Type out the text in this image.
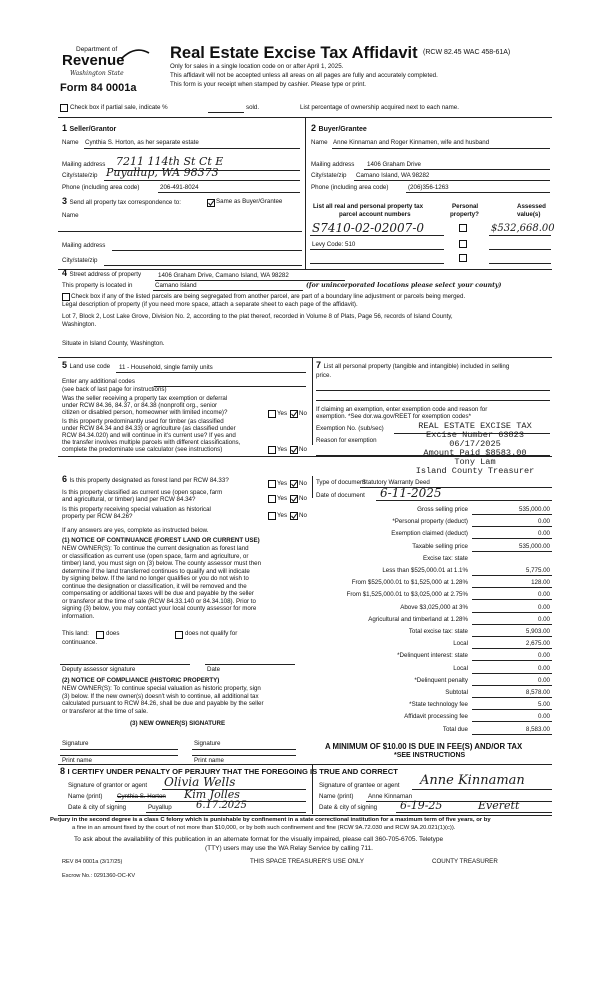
Department of
Revenue
Washington State
Form 84 0001a
Real Estate Excise Tax Affidavit (RCW 82.45 WAC 458-61A)
Only for sales in a single location code on or after April 1, 2025.
This affidavit will not be accepted unless all areas on all pages are fully and accurately completed.
This form is your receipt when stamped by cashier. Please type or print.
Check box if partial sale, indicate %	sold.	List percentage of ownership acquired next to each name.
1 Seller/Grantor
Name Cynthia S. Horton, as her separate estate
Mailing address 7211 114th St Ct E
City/state/zip Puyallup, WA 98373
Phone (including area code)	206-491-8024
2 Buyer/Grantee
Name Anne Kinnaman and Roger Kinnamen, wife and husband
Mailing address 1406 Graham Drive
City/state/zip Camano Island, WA 98282
Phone (including area code)	(206)356-1263
3 Send all property tax correspondence to:	Same as Buyer/Grantee
Name
Mailing address
City/state/zip
List all real and personal property tax
parcel account numbers
Personal
property?
Assessed
value(s)
S7410-02-02007-0	$532,668.00
Levy Code: 510
4 Street address of property	1406 Graham Drive, Camano Island, WA 98282
This property is located in	Camano Island	(for unincorporated locations please select your county)
Check box if any of the listed parcels are being segregated from another parcel, are part of a boundary line adjustment or parcels being merged.
Legal description of property (if you need more space, attach a separate sheet to each page of the affidavit).
Lot 7, Block 2, Lost Lake Grove, Division No. 2, according to the plat thereof, recorded in Volume 8 of Plats, Page 56, records of Island County,
Washington.
Situate in Island County, Washington.
5 Land use code 11 - Household, single family units
Enter any additional codes
(see back of last page for instructions)
Was the seller receiving a property tax exemption or deferral
under RCW 84.36, 84.37, or 84.38 (nonprofit org., senior
citizen or disabled person, homeowner with limited income)?	Yes No
Is this property predominantly used for timber (as classified
under RCW 84.34 and 84.33) or agriculture (as classified under
RCW 84.34.020) and will continue in it's current use? If yes and
the transfer involves multiple parcels with different classifications,
complete the predominate use calculator (see instructions)	Yes No
7 List all personal property (tangible and intangible) included in selling
price.
If claiming an exemption, enter exemption code and reason for
exemption. *See dor.wa.gov/REET for exemption codes*
Exemption No. (sub/sec)
Reason for exemption
REAL ESTATE EXCISE TAX
Excise Number 63823
06/17/2025
Amount Paid $8583.00
Tony Lam
Island County Treasurer
6 Is this property designated as forest land per RCW 84.33?	Yes No
Is this property classified as current use (open space, farm
and agricultural, or timber) land per RCW 84.34?	Yes No
Is this property receiving special valuation as historical
property per RCW 84.26?	Yes No
If any answers are yes, complete as instructed below.
(1) NOTICE OF CONTINUANCE (FOREST LAND OR CURRENT USE)
NEW OWNER(S): To continue the current designation as forest land
or classification as current use (open space, farm and agriculture, or
timber) land, you must sign on (3) below. The county assessor must then
determine if the land transferred continues to qualify and will indicate
by signing below. If the land no longer qualifies or you do not wish to
continue the designation or classification, it will be removed and the
compensating or additional taxes will be due and payable by the seller
or transferor at the time of sale (RCW 84.33.140 or 84.34.108). Prior to
signing (3) below, you may contact your local county assessor for more
information.
This land:	does	does not qualify for
continuance.
Deputy assessor signature	Date
(2) NOTICE OF COMPLIANCE (HISTORIC PROPERTY)
NEW OWNER(S): To continue special valuation as historic property, sign
(3) below. If the new owner(s) doesn't wish to continue, all additional tax
calculated pursuant to RCW 84.26, shall be due and payable by the seller
or transferor at the time of sale.
(3) NEW OWNER(S) SIGNATURE
Signature	Signature
Print name	Print name
Type of document
Statutory Warranty Deed
Date of document 6-11-2025
Gross selling price	535,000.00
*Personal property (deduct)	0.00
Exemption claimed (deduct)	0.00
Taxable selling price	535,000.00
Excise tax: state
Less than $525,000.01 at 1.1%	5,775.00
From $525,000.01 to $1,525,000 at 1.28%	128.00
From $1,525,000.01 to $3,025,000 at 2.75%	0.00
Above $3,025,000 at 3%	0.00
Agricultural and timberland at 1.28%	0.00
Total excise tax: state	5,903.00
Local	2,675.00
*Delinquent interest: state	0.00
Local	0.00
*Delinquent penalty	0.00
Subtotal	8,578.00
*State technology fee	5.00
Affidavit processing fee	0.00
Total due	8,583.00
A MINIMUM OF $10.00 IS DUE IN FEE(S) AND/OR TAX
*SEE INSTRUCTIONS
8 I CERTIFY UNDER PENALTY OF PERJURY THAT THE FOREGOING IS TRUE AND CORRECT
Signature of grantor or agent Olivia Wells
Name (print) Cynthia S. Horton Kim Jolles
Date & city of signing	Puyallup 6.17.2025
Signature of grantee or agent Anne Kinnaman
Name (print) Anne Kinnaman
Date & city of signing 6-19-25	Everett
Perjury in the second degree is a class C felony which is punishable by confinement in a state correctional institution for a maximum term of five years, or by
a fine in an amount fixed by the court of not more than $10,000, or by both such confinement and fine (RCW 9A.72.030 and RCW 9A.20.021(1)(c)).
To ask about the availability of this publication in an alternate format for the visually impaired, please call 360-705-6705. Teletype
(TTY) users may use the WA Relay Service by calling 711.
REV 84 0001a (3/17/25)	THIS SPACE TREASURER'S USE ONLY	COUNTY TREASURER
Escrow No.: 0291360-OC-KV
